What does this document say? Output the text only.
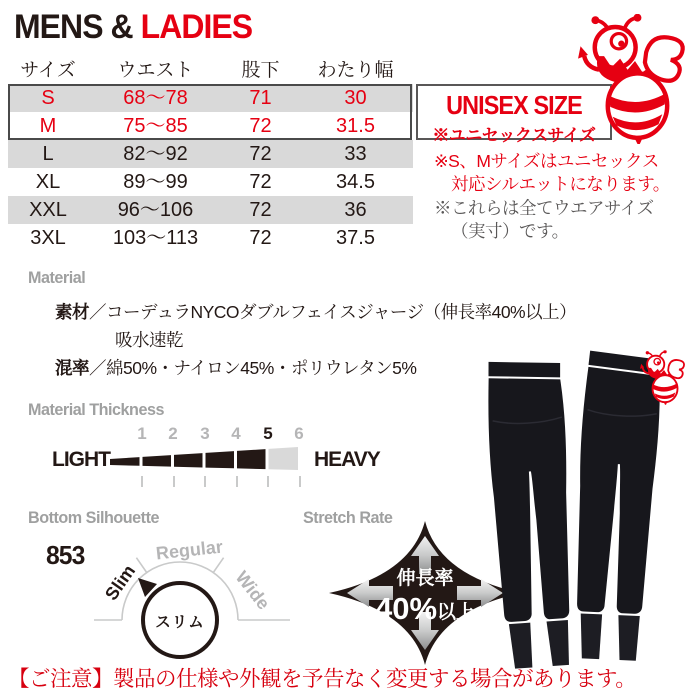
MENS & LADIES
サイズ	ウエスト	股下	わたり幅
S	68～78	71	30
M	75～85	72	31.5
L	82～92	72	33
XL	89～99	72	34.5
XXL	96～106	72	36
3XL	103～113	72	37.5
UNISEX SIZE
※ユニセックスサイズ
※S、Mサイズはユニセックス
対応シルエットになります。
※これらは全てウエアサイズ
（実寸）です。
Material
素材／コーデュラNYCOダブルフェイスジャージ（伸長率40%以上）
吸水速乾
混率／綿50%・ナイロン45%・ポリウレタン5%
Material Thickness
1	2	3	4	5	6
LIGHT	HEAVY
Bottom Silhouette
853
Slim
Regular
Wide
スリム
Stretch Rate
伸長率
40%以上
【ご注意】製品の仕様や外観を予告なく変更する場合があります。
